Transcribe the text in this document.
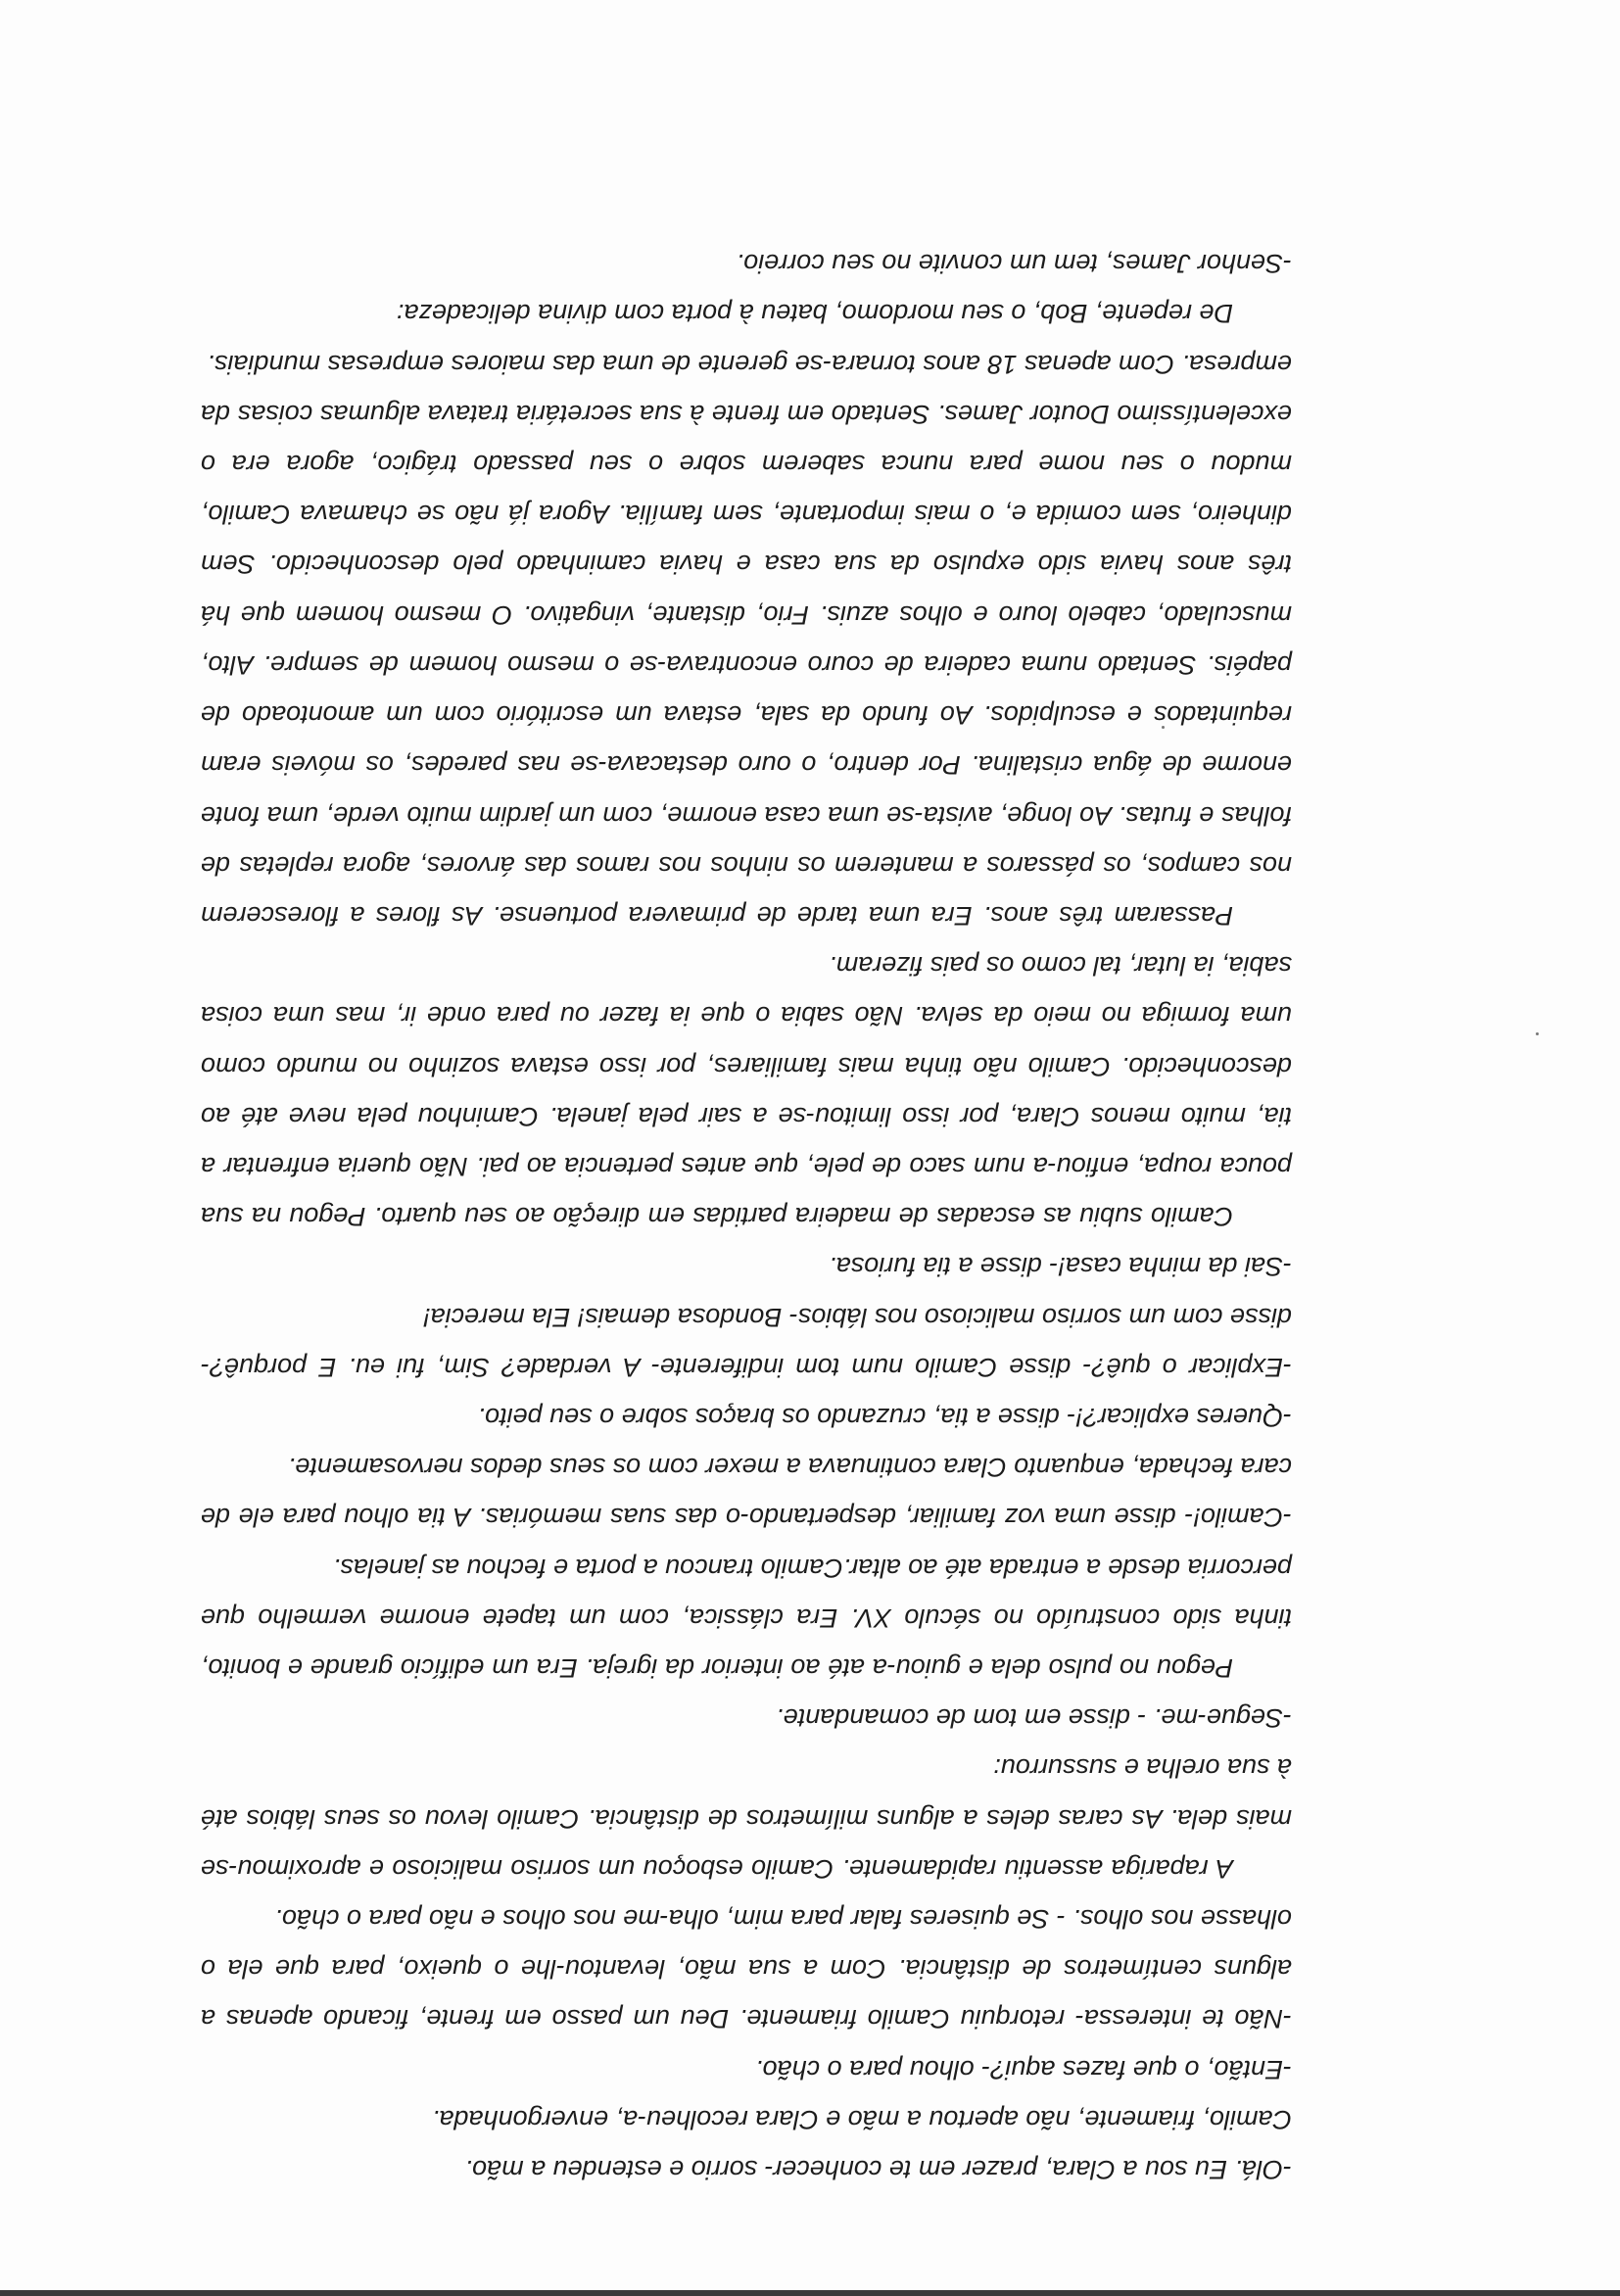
-Olá. Eu sou a Clara, prazer em te conhecer- sorrio e estendeu a mão.

Camilo, friamente, não apertou a mão e Clara recolheu-a, envergonhada.

-Então, o que fazes aqui?- olhou para o chão.

-Não te interessa- retorquiu Camilo friamente. Deu um passo em frente, ficando apenas a alguns centímetros de distância. Com a sua mão, levantou-lhe o queixo, para que ela o olhasse nos olhos. - Se quiseres falar para mim, olha-me nos olhos e não para o chão.

A rapariga assentiu rapidamente. Camilo esboçou um sorriso malicioso e aproximou-se mais dela. As caras deles a alguns milímetros de distância. Camilo levou os seus lábios até à sua orelha e sussurrou:

-Segue-me. - disse em tom de comandante.

Pegou no pulso dela e guiou-a até ao interior da igreja. Era um edifício grande e bonito, tinha sido construído no século XV. Era clássica, com um tapete enorme vermelho que percorria desde a entrada até ao altar.Camilo trancou a porta e fechou as janelas.

-Camilo!- disse uma voz familiar, despertando-o das suas memórias. A tia olhou para ele de cara fechada, enquanto Clara continuava a mexer com os seus dedos nervosamente.

-Queres explicar?!- disse a tia, cruzando os braços sobre o seu peito.

-Explicar o quê?- disse Camilo num tom indiferente- A verdade? Sim, fui eu. E porquê?- disse com um sorriso malicioso nos lábios- Bondosa demais! Ela merecia!

-Sai da minha casa!- disse a tia furiosa.

Camilo subiu as escadas de madeira partidas em direção ao seu quarto. Pegou na sua pouca roupa, enfiou-a num saco de pele, que antes pertencia ao pai. Não queria enfrentar a tia, muito menos Clara, por isso limitou-se a sair pela janela. Caminhou pela neve até ao desconhecido. Camilo não tinha mais familiares, por isso estava sozinho no mundo como uma formiga no meio da selva. Não sabia o que ia fazer ou para onde ir, mas uma coisa sabia, ia lutar, tal como os pais fizeram.

Passaram três anos. Era uma tarde de primavera portuense. As flores a florescerem nos campos, os pássaros a manterem os ninhos nos ramos das árvores, agora repletas de folhas e frutas. Ao longe, avista-se uma casa enorme, com um jardim muito verde, uma fonte enorme de água cristalina. Por dentro, o ouro destacava-se nas paredes, os móveis eram requintados e esculpidos. Ao fundo da sala, estava um escritório com um amontoado de papéis. Sentado numa cadeira de couro encontrava-se o mesmo homem de sempre. Alto, musculado, cabelo louro e olhos azuis. Frio, distante, vingativo. O mesmo homem que há três anos havia sido expulso da sua casa e havia caminhado pelo desconhecido. Sem dinheiro, sem comida e, o mais importante, sem família. Agora já não se chamava Camilo, mudou o seu nome para nunca saberem sobre o seu passado trágico, agora era o excelentíssimo Doutor James. Sentado em frente à sua secretária tratava algumas coisas da empresa. Com apenas 18 anos tornara-se gerente de uma das maiores empresas mundiais.

De repente, Bob, o seu mordomo, bateu à porta com divina delicadeza:

-Senhor James, tem um convite no seu correio.
